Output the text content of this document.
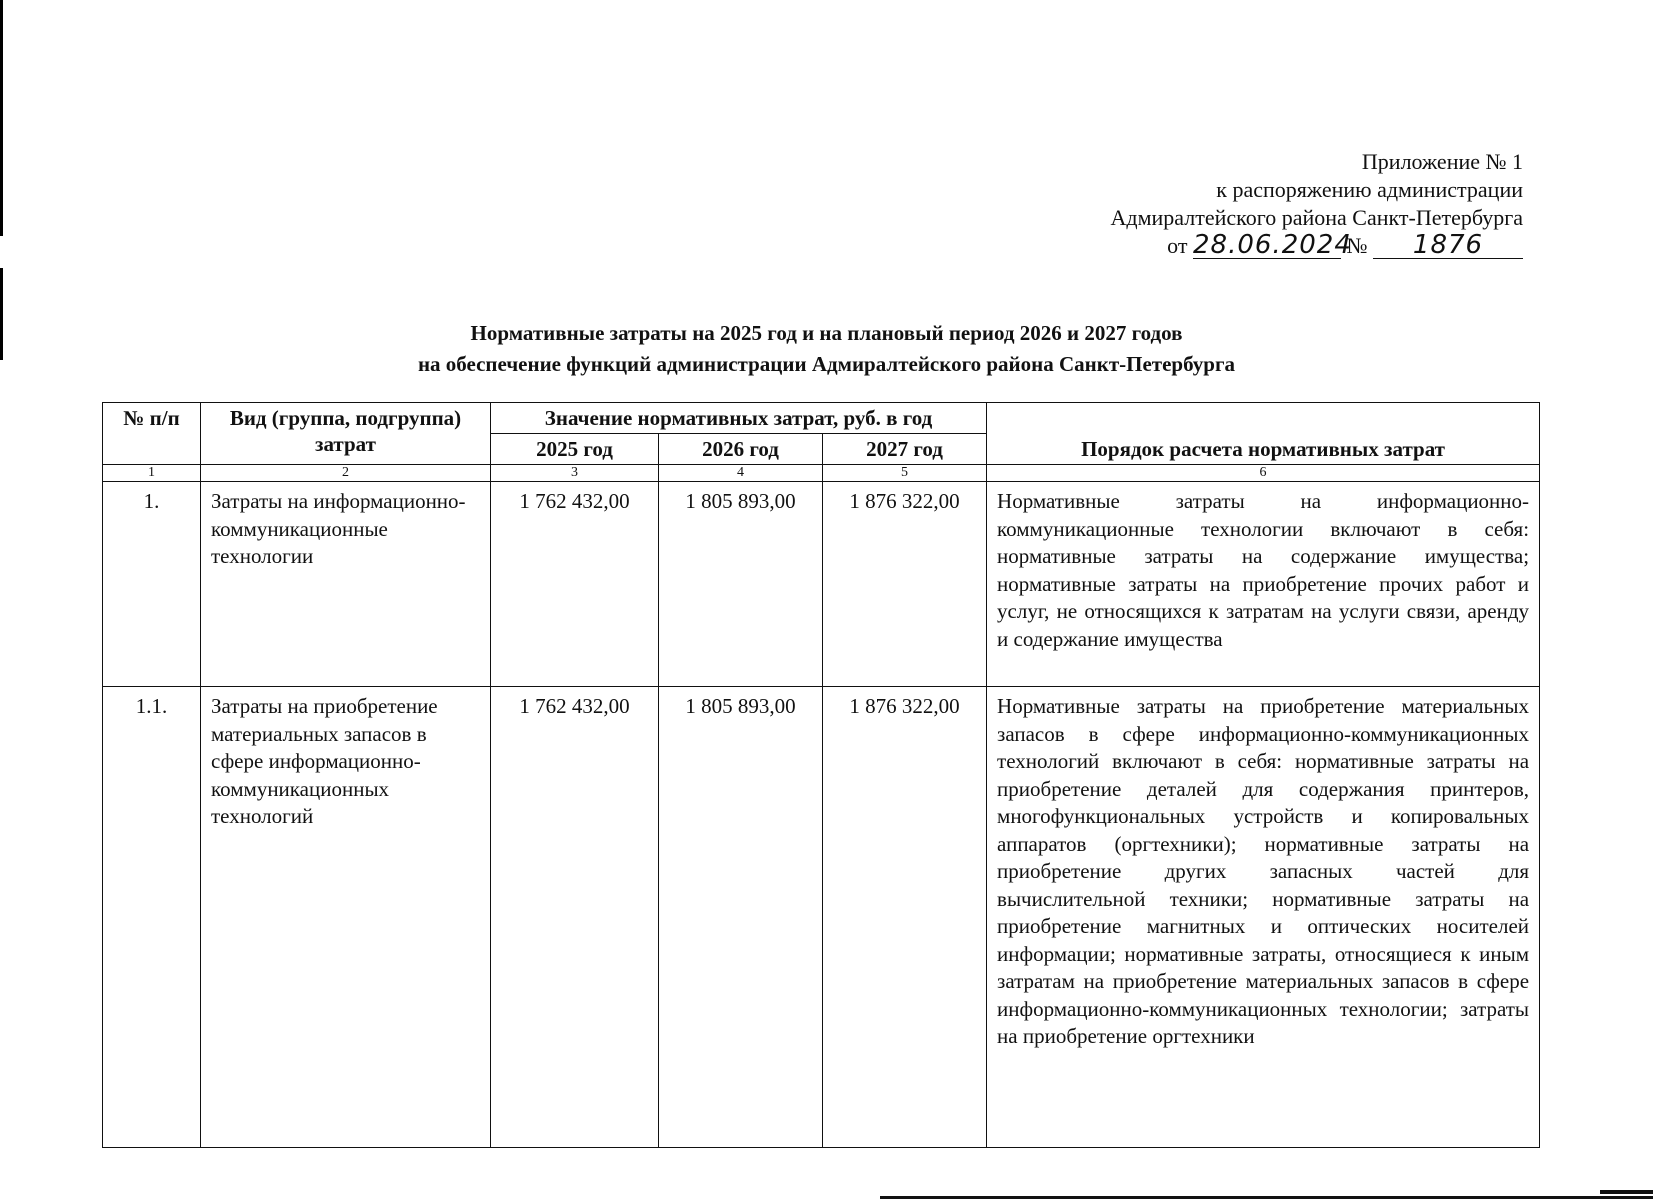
Приложение № 1
к распоряжению администрации
Адмиралтейского района Санкт-Петербурга
от 28.06.2024 № 1876
Нормативные затраты на 2025 год и на плановый период 2026 и 2027 годов
на обеспечение функций администрации Адмиралтейского района Санкт-Петербурга
№ п/п	Вид (группа, подгруппа) затрат	Значение нормативных затрат, руб. в год			Порядок расчета нормативных затрат
		2025 год	2026 год	2027 год	
1	2	3	4	5	6
1.	Затраты на информационно-коммуникационные технологии	1 762 432,00	1 805 893,00	1 876 322,00	Нормативные затраты на информационно-коммуникационные технологии включают в себя: нормативные затраты на содержание имущества; нормативные затраты на приобретение прочих работ и услуг, не относящихся к затратам на услуги связи, аренду и содержание имущества
1.1.	Затраты на приобретение материальных запасов в сфере информационно-коммуникационных технологий	1 762 432,00	1 805 893,00	1 876 322,00	Нормативные затраты на приобретение материальных запасов в сфере информационно-коммуникационных технологий включают в себя: нормативные затраты на приобретение деталей для содержания принтеров, многофункциональных устройств и копировальных аппаратов (оргтехники); нормативные затраты на приобретение других запасных частей для вычислительной техники; нормативные затраты на приобретение магнитных и оптических носителей информации; нормативные затраты, относящиеся к иным затратам на приобретение материальных запасов в сфере информационно-коммуникационных технологии; затраты на приобретение оргтехники
